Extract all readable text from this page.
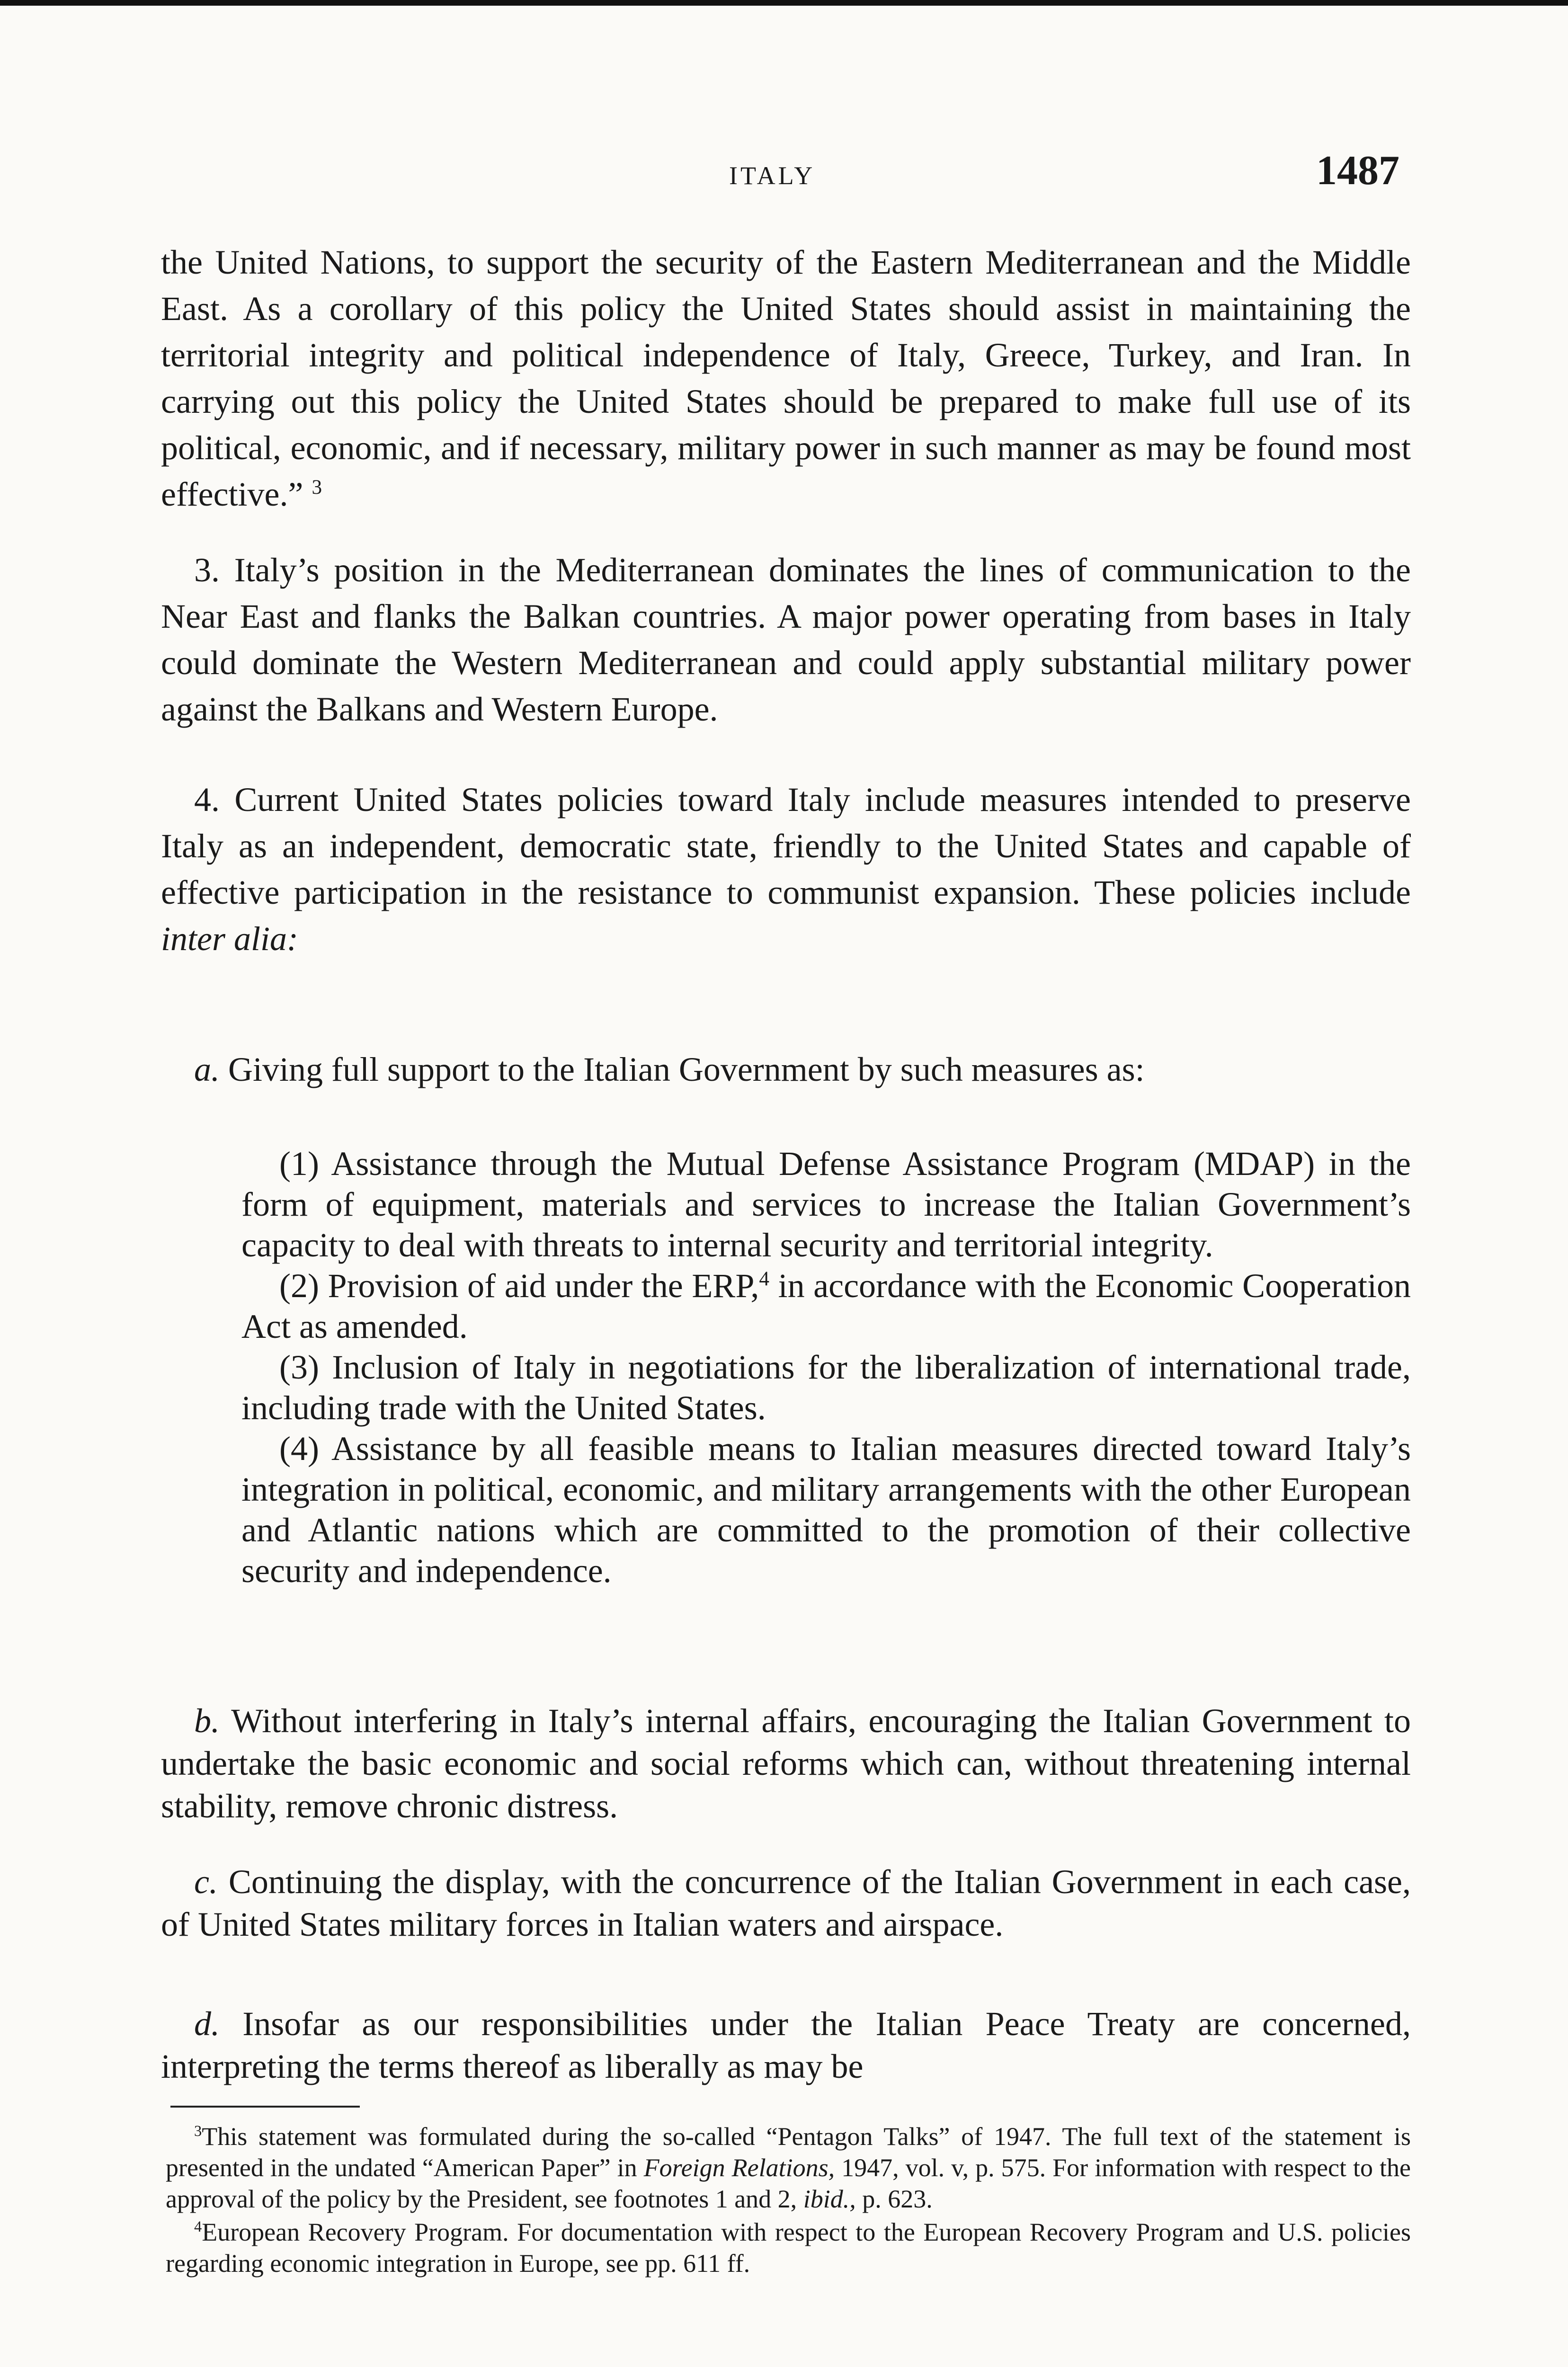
ITALY	1487

the United Nations, to support the security of the Eastern Mediterranean and the Middle East. As a corollary of this policy the United States should assist in maintaining the territorial integrity and political independence of Italy, Greece, Turkey, and Iran. In carrying out this policy the United States should be prepared to make full use of its political, economic, and if necessary, military power in such manner as may be found most effective.” $^3$

3. Italy’s position in the Mediterranean dominates the lines of communication to the Near East and flanks the Balkan countries. A major power operating from bases in Italy could dominate the Western Mediterranean and could apply substantial military power against the Balkans and Western Europe.

4. Current United States policies toward Italy include measures intended to preserve Italy as an independent, democratic state, friendly to the United States and capable of effective participation in the resistance to communist expansion. These policies include inter alia:

a. Giving full support to the Italian Government by such measures as:

(1) Assistance through the Mutual Defense Assistance Program (MDAP) in the form of equipment, materials and services to increase the Italian Government’s capacity to deal with threats to internal security and territorial integrity.

(2) Provision of aid under the ERP,$^4$ in accordance with the Economic Cooperation Act as amended.

(3) Inclusion of Italy in negotiations for the liberalization of international trade, including trade with the United States.

(4) Assistance by all feasible means to Italian measures directed toward Italy’s integration in political, economic, and military arrangements with the other European and Atlantic nations which are committed to the promotion of their collective security and independence.

b. Without interfering in Italy’s internal affairs, encouraging the Italian Government to undertake the basic economic and social reforms which can, without threatening internal stability, remove chronic distress.

c. Continuing the display, with the concurrence of the Italian Government in each case, of United States military forces in Italian waters and airspace.

d. Insofar as our responsibilities under the Italian Peace Treaty are concerned, interpreting the terms thereof as liberally as may be

$^3$This statement was formulated during the so-called “Pentagon Talks” of 1947. The full text of the statement is presented in the undated “American Paper” in Foreign Relations, 1947, vol. v, p. 575. For information with respect to the approval of the policy by the President, see footnotes 1 and 2, ibid., p. 623.

$^4$European Recovery Program. For documentation with respect to the European Recovery Program and U.S. policies regarding economic integration in Europe, see pp. 611 ff.
